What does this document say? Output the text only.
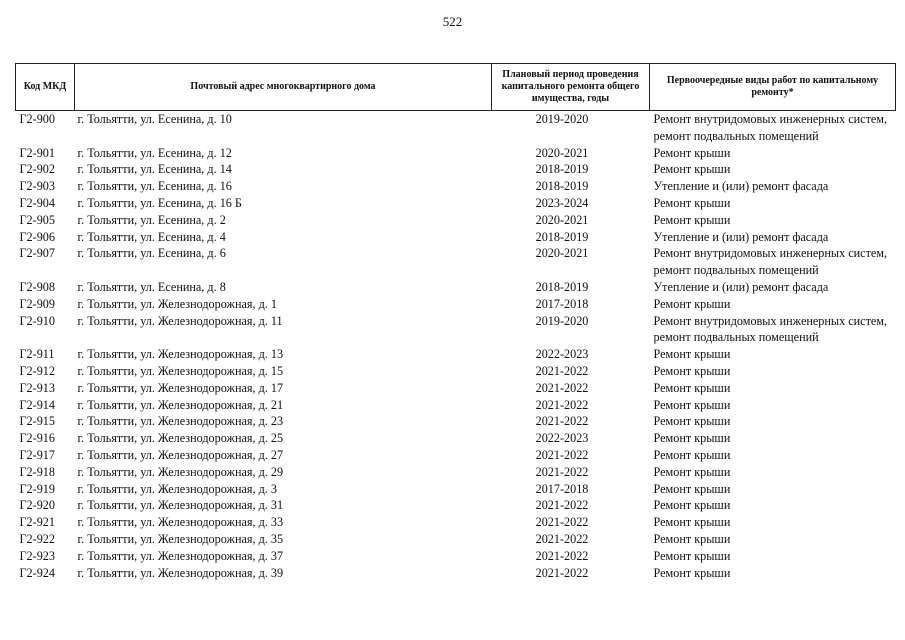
522
Код МКД	Почтовый адрес многоквартирного дома	Плановый период проведения капитального ремонта общего имущества, годы	Первоочередные виды работ по капитальному ремонту*
Г2-900	г. Тольятти, ул. Есенина, д. 10	2019-2020	Ремонт внутридомовых инженерных систем, ремонт подвальных помещений
Г2-901	г. Тольятти, ул. Есенина, д. 12	2020-2021	Ремонт крыши
Г2-902	г. Тольятти, ул. Есенина, д. 14	2018-2019	Ремонт крыши
Г2-903	г. Тольятти, ул. Есенина, д. 16	2018-2019	Утепление и (или) ремонт фасада
Г2-904	г. Тольятти, ул. Есенина, д. 16 Б	2023-2024	Ремонт крыши
Г2-905	г. Тольятти, ул. Есенина, д. 2	2020-2021	Ремонт крыши
Г2-906	г. Тольятти, ул. Есенина, д. 4	2018-2019	Утепление и (или) ремонт фасада
Г2-907	г. Тольятти, ул. Есенина, д. 6	2020-2021	Ремонт внутридомовых инженерных систем, ремонт подвальных помещений
Г2-908	г. Тольятти, ул. Есенина, д. 8	2018-2019	Утепление и (или) ремонт фасада
Г2-909	г. Тольятти, ул. Железнодорожная, д. 1	2017-2018	Ремонт крыши
Г2-910	г. Тольятти, ул. Железнодорожная, д. 11	2019-2020	Ремонт внутридомовых инженерных систем, ремонт подвальных помещений
Г2-911	г. Тольятти, ул. Железнодорожная, д. 13	2022-2023	Ремонт крыши
Г2-912	г. Тольятти, ул. Железнодорожная, д. 15	2021-2022	Ремонт крыши
Г2-913	г. Тольятти, ул. Железнодорожная, д. 17	2021-2022	Ремонт крыши
Г2-914	г. Тольятти, ул. Железнодорожная, д. 21	2021-2022	Ремонт крыши
Г2-915	г. Тольятти, ул. Железнодорожная, д. 23	2021-2022	Ремонт крыши
Г2-916	г. Тольятти, ул. Железнодорожная, д. 25	2022-2023	Ремонт крыши
Г2-917	г. Тольятти, ул. Железнодорожная, д. 27	2021-2022	Ремонт крыши
Г2-918	г. Тольятти, ул. Железнодорожная, д. 29	2021-2022	Ремонт крыши
Г2-919	г. Тольятти, ул. Железнодорожная, д. 3	2017-2018	Ремонт крыши
Г2-920	г. Тольятти, ул. Железнодорожная, д. 31	2021-2022	Ремонт крыши
Г2-921	г. Тольятти, ул. Железнодорожная, д. 33	2021-2022	Ремонт крыши
Г2-922	г. Тольятти, ул. Железнодорожная, д. 35	2021-2022	Ремонт крыши
Г2-923	г. Тольятти, ул. Железнодорожная, д. 37	2021-2022	Ремонт крыши
Г2-924	г. Тольятти, ул. Железнодорожная, д. 39	2021-2022	Ремонт крыши
